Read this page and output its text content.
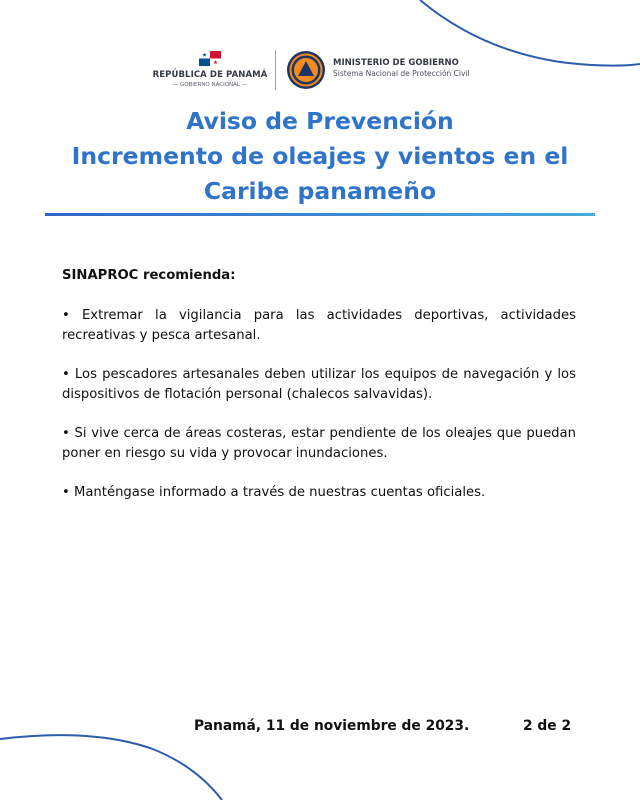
REPÚBLICA DE PANAMÁ
— GOBIERNO NACIONAL —
MINISTERIO DE GOBIERNO
Sistema Nacional de Protección Civil
Aviso de Prevención
Incremento de oleajes y vientos en el
Caribe panameño

SINAPROC recomienda:

• Extremar la vigilancia para las actividades deportivas, actividades recreativas y pesca artesanal.

• Los pescadores artesanales deben utilizar los equipos de navegación y los dispositivos de flotación personal (chalecos salvavidas).

• Si vive cerca de áreas costeras, estar pendiente de los oleajes que puedan poner en riesgo su vida y provocar inundaciones.

• Manténgase informado a través de nuestras cuentas oficiales.

Panamá, 11 de noviembre de 2023.	2 de 2
